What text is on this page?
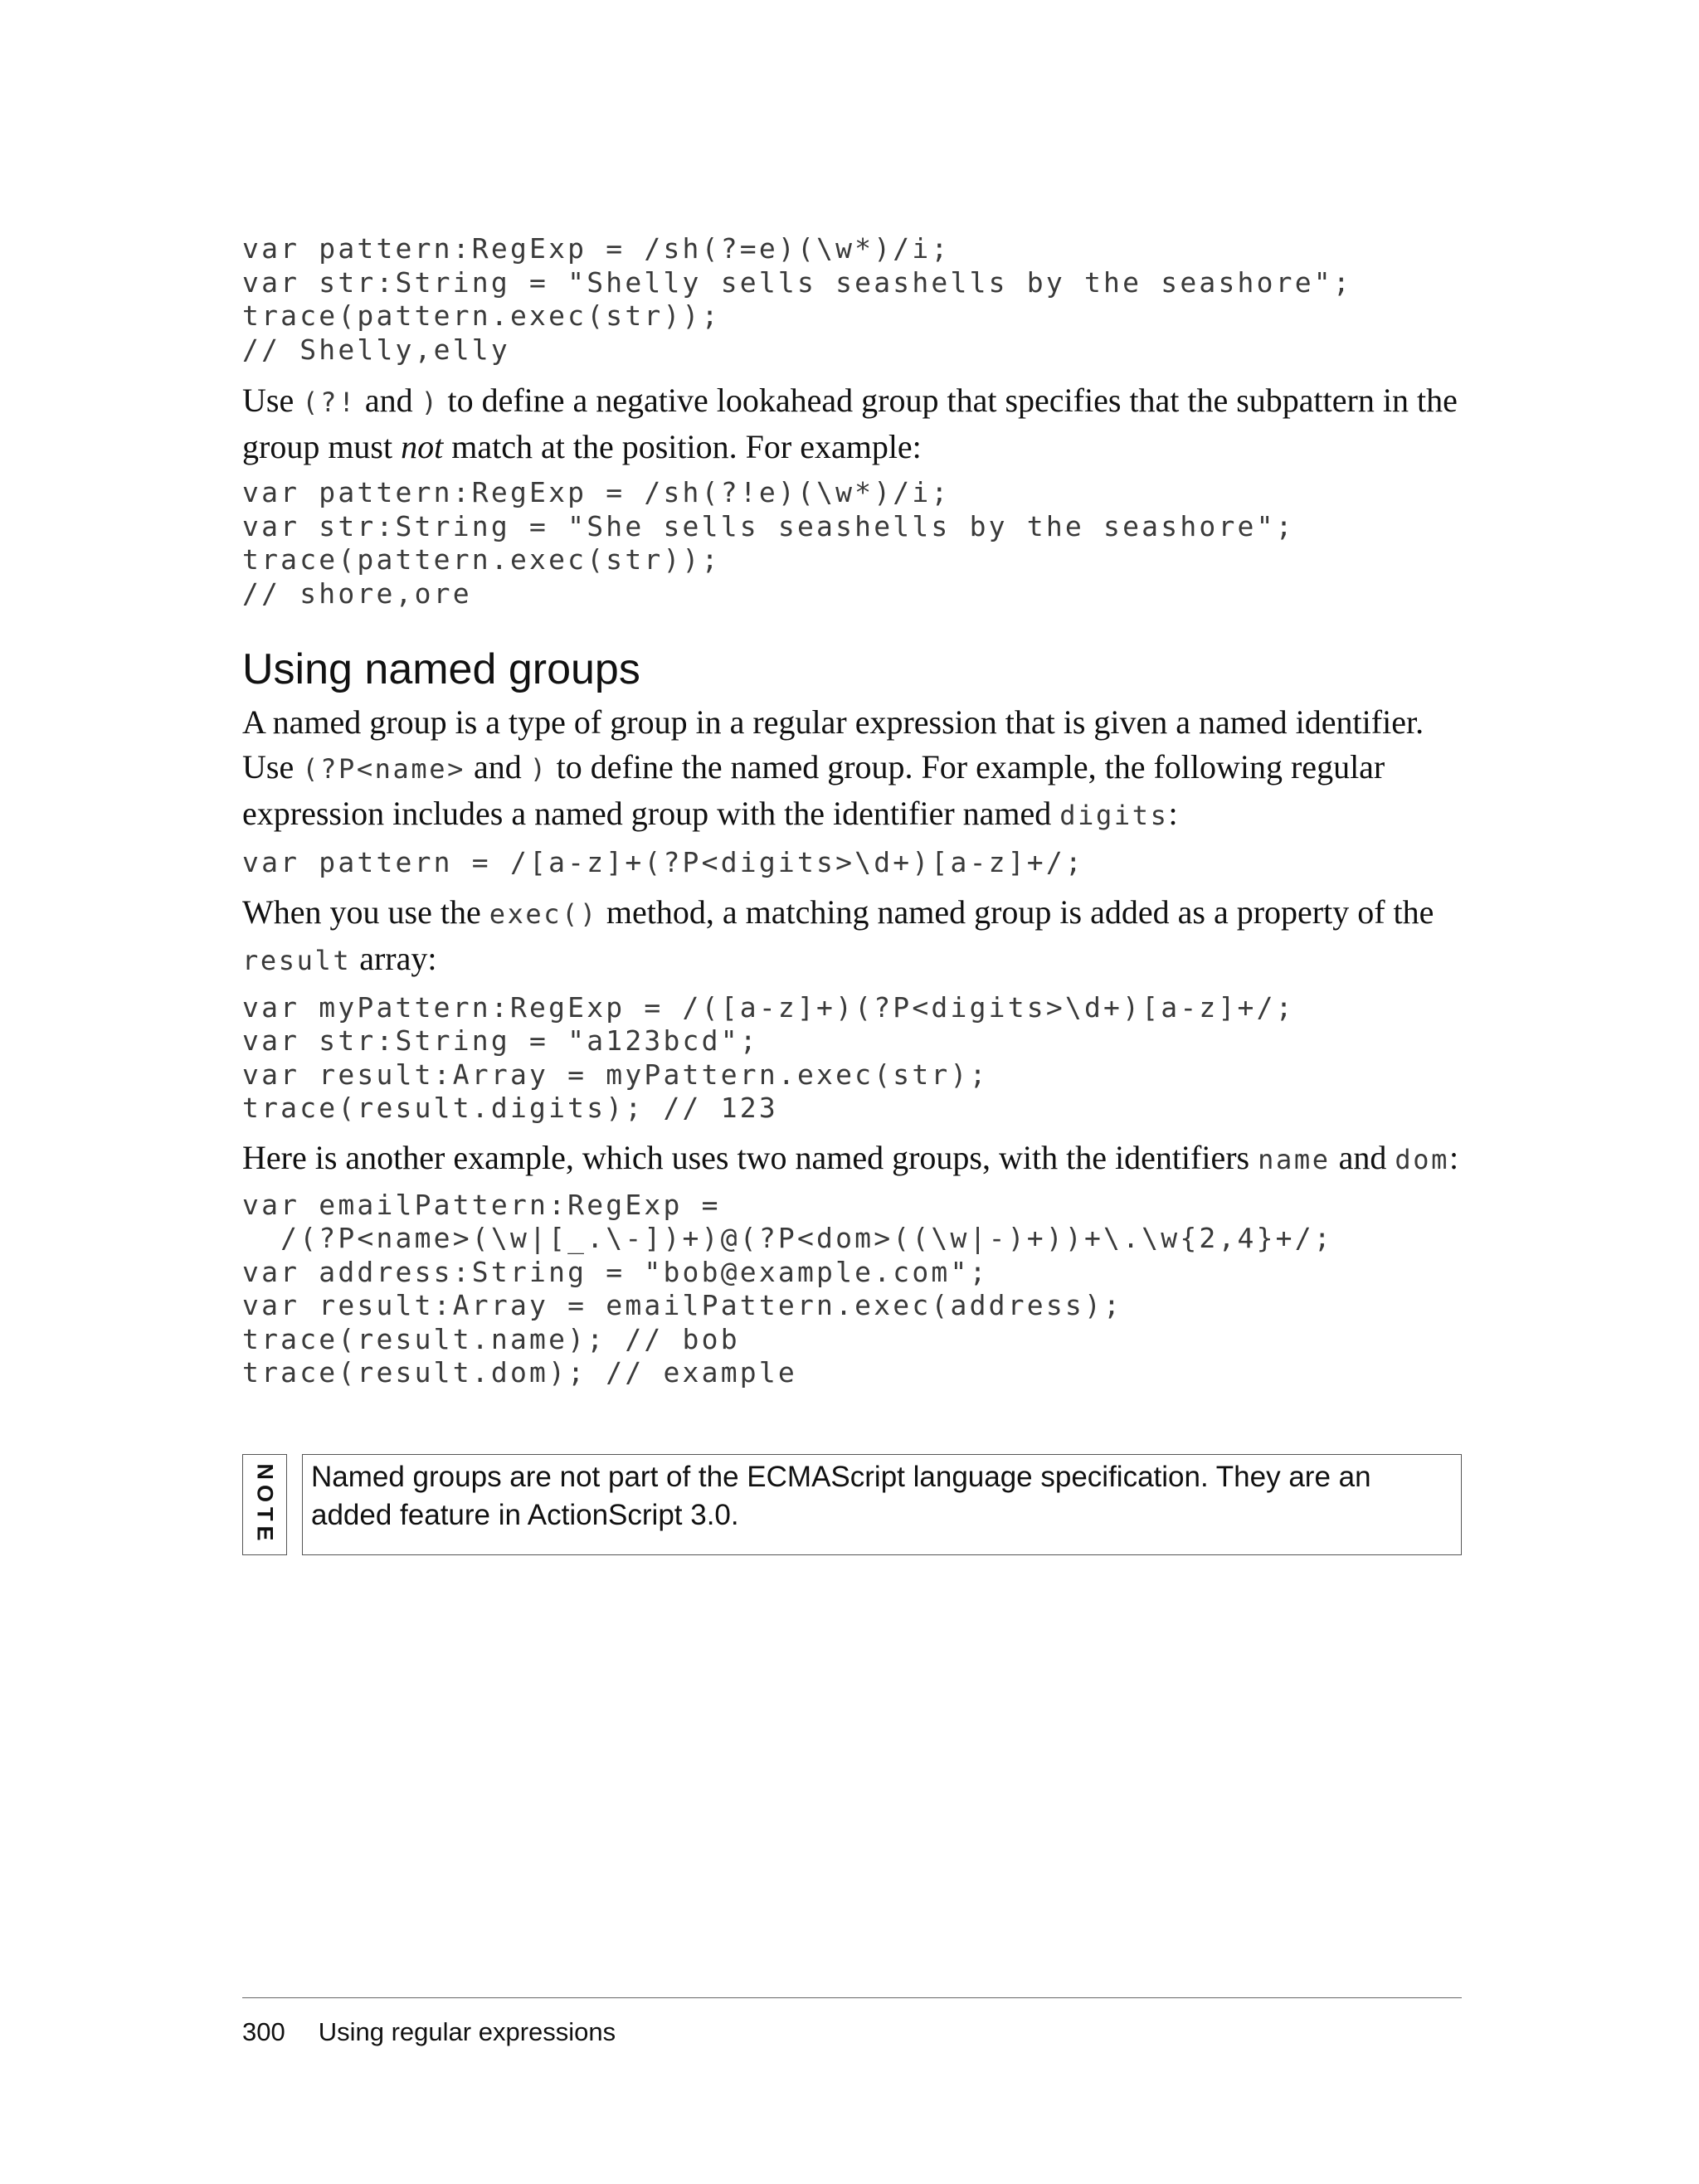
var pattern:RegExp = /sh(?=e)(\w*)/i;
var str:String = "Shelly sells seashells by the seashore";
trace(pattern.exec(str));
// Shelly,elly

Use (?! and ) to define a negative lookahead group that specifies that the subpattern in the group must not match at the position. For example:

var pattern:RegExp = /sh(?!e)(\w*)/i;
var str:String = "She sells seashells by the seashore";
trace(pattern.exec(str));
// shore,ore
Using named groups

A named group is a type of group in a regular expression that is given a named identifier. Use (?P<name> and ) to define the named group. For example, the following regular expression includes a named group with the identifier named digits:

var pattern = /[a-z]+(?P<digits>\d+)[a-z]+/;

When you use the exec() method, a matching named group is added as a property of the result array:

var myPattern:RegExp = /([a-z]+)(?P<digits>\d+)[a-z]+/;
var str:String = "a123bcd";
var result:Array = myPattern.exec(str);
trace(result.digits); // 123

Here is another example, which uses two named groups, with the identifiers name and dom:

var emailPattern:RegExp =
/(?P<name>(\w|[_.\-])+)@(?P<dom>((\w|-)+))+\.\w{2,4}+/;
var address:String = "bob@example.com";
var result:Array = emailPattern.exec(address);
trace(result.name); // bob
trace(result.dom); // example
NOTE	Named groups are not part of the ECMAScript language specification. They are an added feature in ActionScript 3.0.
300 Using regular expressions
